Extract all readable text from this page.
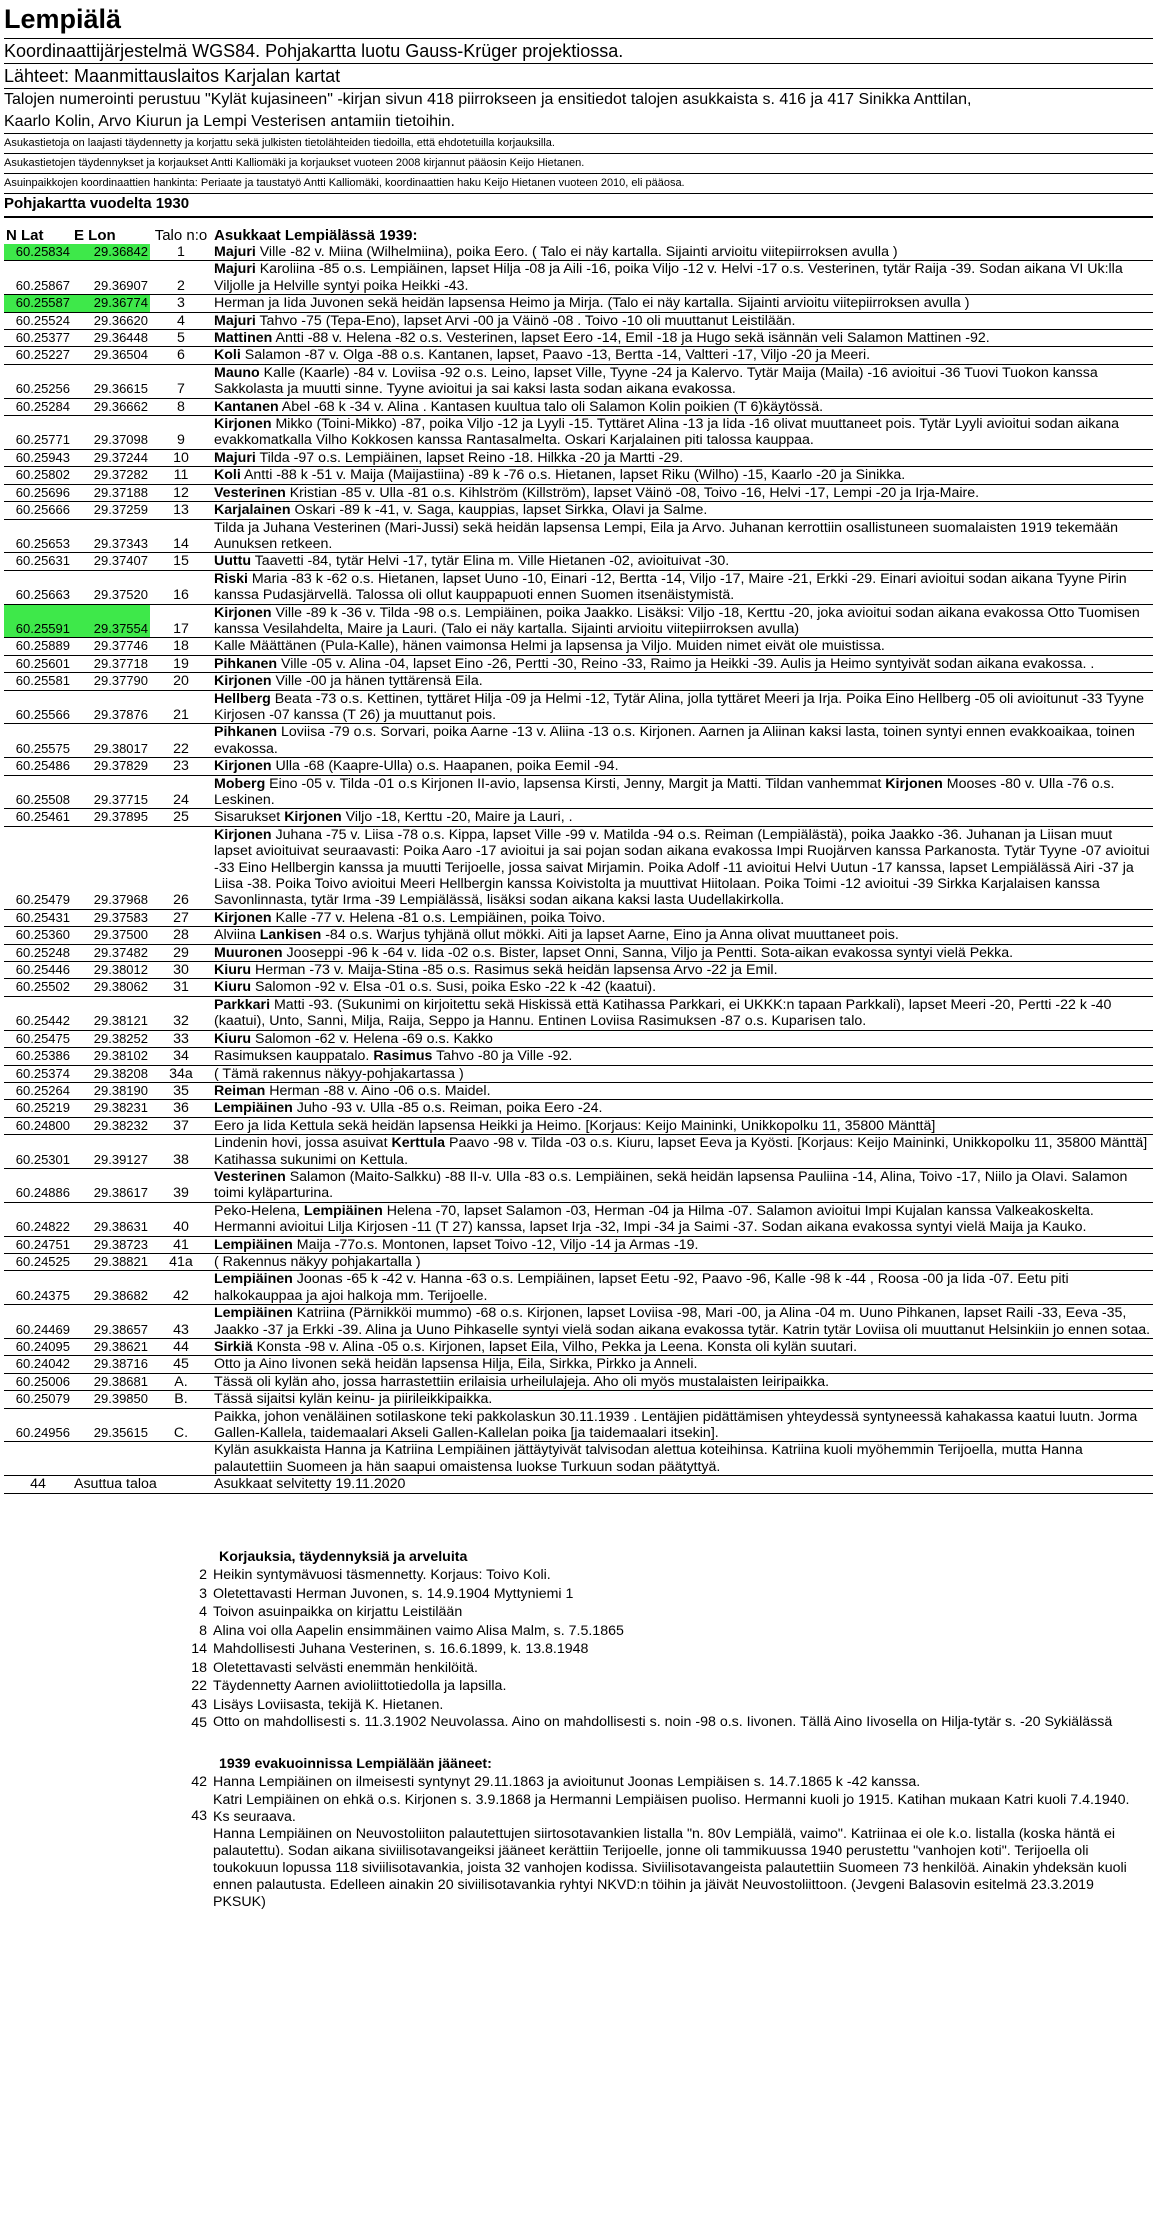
Lempiälä
Koordinaattijärjestelmä WGS84. Pohjakartta luotu Gauss-Krüger projektiossa.
Lähteet: Maanmittauslaitos Karjalan kartat
Talojen numerointi perustuu "Kylät kujasineen" -kirjan sivun 418 piirrokseen ja ensitiedot talojen asukkaista s. 416 ja 417 Sinikka Anttilan,
Kaarlo Kolin, Arvo Kiurun ja Lempi Vesterisen antamiin tietoihin.
Asukastietoja on laajasti täydennetty ja korjattu sekä julkisten tietolähteiden tiedoilla, että ehdotetuilla korjauksilla.
Asukastietojen täydennykset ja korjaukset Antti Kalliomäki ja korjaukset vuoteen 2008 kirjannut pääosin Keijo Hietanen.
Asuinpaikkojen koordinaattien hankinta: Periaate ja taustatyö Antti Kalliomäki, koordinaattien haku Keijo Hietanen vuoteen 2010, eli pääosa.
Pohjakartta vuodelta 1930
N Lat	E Lon	Talo n:o	Asukkaat Lempiälässä 1939:
60.25834	29.36842	1	Majuri Ville -82 v. Miina (Wilhelmiina), poika Eero. ( Talo ei näy kartalla. Sijainti arvioitu viitepiirroksen avulla )
60.25867	29.36907	2	Majuri Karoliina -85 o.s. Lempiäinen, lapset Hilja -08 ja Aili -16, poika Viljo -12 v. Helvi -17 o.s. Vesterinen, tytär Raija -39. Sodan aikana VI Uk:lla Viljolle ja Helville syntyi poika Heikki -43.
60.25587	29.36774	3	Herman ja Iida Juvonen sekä heidän lapsensa Heimo ja Mirja. (Talo ei näy kartalla. Sijainti arvioitu viitepiirroksen avulla )
60.25524	29.36620	4	Majuri Tahvo -75 (Tepa-Eno), lapset Arvi -00 ja Väinö -08 . Toivo -10 oli muuttanut Leistilään.
60.25377	29.36448	5	Mattinen Antti -88 v. Helena -82 o.s. Vesterinen, lapset Eero -14, Emil -18 ja Hugo sekä isännän veli Salamon Mattinen -92.
60.25227	29.36504	6	Koli Salamon -87 v. Olga -88 o.s. Kantanen, lapset, Paavo -13, Bertta -14, Valtteri -17, Viljo -20 ja Meeri.
60.25256	29.36615	7	Mauno Kalle (Kaarle) -84 v. Loviisa -92 o.s. Leino, lapset Ville, Tyyne -24 ja Kalervo. Tytär Maija (Maila) -16 avioitui -36 Tuovi Tuokon kanssa Sakkolasta ja muutti sinne. Tyyne avioitui ja sai kaksi lasta sodan aikana evakossa.
60.25284	29.36662	8	Kantanen Abel -68 k -34 v. Alina . Kantasen kuultua talo oli Salamon Kolin poikien (T 6)käytössä.
60.25771	29.37098	9	Kirjonen Mikko (Toini-Mikko) -87, poika Viljo -12 ja Lyyli -15. Tyttäret Alina -13 ja Iida -16 olivat muuttaneet pois. Tytär Lyyli avioitui sodan aikana evakkomatkalla Vilho Kokkosen kanssa Rantasalmelta. Oskari Karjalainen piti talossa kauppaa.
60.25943	29.37244	10	Majuri Tilda -97 o.s. Lempiäinen, lapset Reino -18. Hilkka -20 ja Martti -29.
60.25802	29.37282	11	Koli Antti -88 k -51 v. Maija (Maijastiina) -89 k -76 o.s. Hietanen, lapset Riku (Wilho) -15, Kaarlo -20 ja Sinikka.
60.25696	29.37188	12	Vesterinen Kristian -85 v. Ulla -81 o.s. Kihlström (Killström), lapset Väinö -08, Toivo -16, Helvi -17, Lempi -20 ja Irja-Maire.
60.25666	29.37259	13	Karjalainen Oskari -89 k -41, v. Saga, kauppias, lapset Sirkka, Olavi ja Salme.
60.25653	29.37343	14	Tilda ja Juhana Vesterinen (Mari-Jussi) sekä heidän lapsensa Lempi, Eila ja Arvo. Juhanan kerrottiin osallistuneen suomalaisten 1919 tekemään Aunuksen retkeen.
60.25631	29.37407	15	Uuttu Taavetti -84, tytär Helvi -17, tytär Elina m. Ville Hietanen -02, avioituivat -30.
60.25663	29.37520	16	Riski Maria -83 k -62 o.s. Hietanen, lapset Uuno -10, Einari -12, Bertta -14, Viljo -17, Maire -21, Erkki -29. Einari avioitui sodan aikana Tyyne Pirin kanssa Pudasjärvellä. Talossa oli ollut kauppapuoti ennen Suomen itsenäistymistä.
60.25591	29.37554	17	Kirjonen Ville -89 k -36 v. Tilda -98 o.s. Lempiäinen, poika Jaakko. Lisäksi: Viljo -18, Kerttu -20, joka avioitui sodan aikana evakossa Otto Tuomisen kanssa Vesilahdelta, Maire ja Lauri. (Talo ei näy kartalla. Sijainti arvioitu viitepiirroksen avulla)
60.25889	29.37746	18	Kalle Määttänen (Pula-Kalle), hänen vaimonsa Helmi ja lapsensa ja Viljo. Muiden nimet eivät ole muistissa.
60.25601	29.37718	19	Pihkanen Ville -05 v. Alina -04, lapset Eino -26, Pertti -30, Reino -33, Raimo ja Heikki -39. Aulis ja Heimo syntyivät sodan aikana evakossa. .
60.25581	29.37790	20	Kirjonen Ville -00 ja hänen tyttärensä Eila.
60.25566	29.37876	21	Hellberg Beata -73 o.s. Kettinen, tyttäret Hilja -09 ja Helmi -12, Tytär Alina, jolla tyttäret Meeri ja Irja. Poika Eino Hellberg -05 oli avioitunut -33 Tyyne Kirjosen -07 kanssa (T 26) ja muuttanut pois.
60.25575	29.38017	22	Pihkanen Loviisa -79 o.s. Sorvari, poika Aarne -13 v. Aliina -13 o.s. Kirjonen. Aarnen ja Aliinan kaksi lasta, toinen syntyi ennen evakkoaikaa, toinen evakossa.
60.25486	29.37829	23	Kirjonen Ulla -68 (Kaapre-Ulla) o.s. Haapanen, poika Eemil -94.
60.25508	29.37715	24	Moberg Eino -05 v. Tilda -01 o.s Kirjonen II-avio, lapsensa Kirsti, Jenny, Margit ja Matti. Tildan vanhemmat Kirjonen Mooses -80 v. Ulla -76 o.s. Leskinen.
60.25461	29.37895	25	Sisarukset Kirjonen Viljo -18, Kerttu -20, Maire ja Lauri, .
60.25479	29.37968	26	Kirjonen Juhana -75 v. Liisa -78 o.s. Kippa, lapset Ville -99 v. Matilda -94 o.s. Reiman (Lempiälästä), poika Jaakko -36. Juhanan ja Liisan muut lapset avioituivat seuraavasti: Poika Aaro -17 avioitui ja sai pojan sodan aikana evakossa Impi Ruojärven kanssa Parkanosta. Tytär Tyyne -07 avioitui -33 Eino Hellbergin kanssa ja muutti Terijoelle, jossa saivat Mirjamin. Poika Adolf -11 avioitui Helvi Uutun -17 kanssa, lapset Lempiälässä Airi -37 ja Liisa -38. Poika Toivo avioitui Meeri Hellbergin kanssa Koivistolta ja muuttivat Hiitolaan. Poika Toimi -12 avioitui -39 Sirkka Karjalaisen kanssa Savonlinnasta, tytär Irma -39 Lempiälässä, lisäksi sodan aikana kaksi lasta Uudellakirkolla.
60.25431	29.37583	27	Kirjonen Kalle -77 v. Helena -81 o.s. Lempiäinen, poika Toivo.
60.25360	29.37500	28	Alviina Lankisen -84 o.s. Warjus tyhjänä ollut mökki. Aiti ja lapset Aarne, Eino ja Anna olivat muuttaneet pois.
60.25248	29.37482	29	Muuronen Jooseppi -96 k -64 v. Iida -02 o.s. Bister, lapset Onni, Sanna, Viljo ja Pentti. Sota-aikan evakossa syntyi vielä Pekka.
60.25446	29.38012	30	Kiuru Herman -73 v. Maija-Stina -85 o.s. Rasimus sekä heidän lapsensa Arvo -22 ja Emil.
60.25502	29.38062	31	Kiuru Salomon -92 v. Elsa -01 o.s. Susi, poika Esko -22 k -42 (kaatui).
60.25442	29.38121	32	Parkkari Matti -93. (Sukunimi on kirjoitettu sekä Hiskissä että Katihassa Parkkari, ei UKKK:n tapaan Parkkali), lapset Meeri -20, Pertti -22 k -40 (kaatui), Unto, Sanni, Milja, Raija, Seppo ja Hannu. Entinen Loviisa Rasimuksen -87 o.s. Kuparisen talo.
60.25475	29.38252	33	Kiuru Salomon -62 v. Helena -69 o.s. Kakko
60.25386	29.38102	34	Rasimuksen kauppatalo. Rasimus Tahvo -80 ja Ville -92.
60.25374	29.38208	34a	( Tämä rakennus näkyy-pohjakartassa )
60.25264	29.38190	35	Reiman Herman -88 v. Aino -06 o.s. Maidel.
60.25219	29.38231	36	Lempiäinen Juho -93 v. Ulla -85 o.s. Reiman, poika Eero -24.
60.24800	29.38232	37	Eero ja Iida Kettula sekä heidän lapsensa Heikki ja Heimo. [Korjaus: Keijo Maininki, Unikkopolku 11, 35800 Mänttä]
60.25301	29.39127	38	Lindenin hovi, jossa asuivat Kerttula Paavo -98 v. Tilda -03 o.s. Kiuru, lapset Eeva ja Kyösti. [Korjaus: Keijo Maininki, Unikkopolku 11, 35800 Mänttä] Katihassa sukunimi on Kettula.
60.24886	29.38617	39	Vesterinen Salamon (Maito-Salkku) -88 II-v. Ulla -83 o.s. Lempiäinen, sekä heidän lapsensa Pauliina -14, Alina, Toivo -17, Niilo ja Olavi. Salamon toimi kyläparturina.
60.24822	29.38631	40	Peko-Helena, Lempiäinen Helena -70, lapset Salamon -03, Herman -04 ja Hilma -07. Salamon avioitui Impi Kujalan kanssa Valkeakoskelta. Hermanni avioitui Lilja Kirjosen -11 (T 27) kanssa, lapset Irja -32, Impi -34 ja Saimi -37. Sodan aikana evakossa syntyi vielä Maija ja Kauko.
60.24751	29.38723	41	Lempiäinen Maija -77o.s. Montonen, lapset Toivo -12, Viljo -14 ja Armas -19.
60.24525	29.38821	41a	( Rakennus näkyy pohjakartalla )
60.24375	29.38682	42	Lempiäinen Joonas -65 k -42 v. Hanna -63 o.s. Lempiäinen, lapset Eetu -92, Paavo -96, Kalle -98 k -44 , Roosa -00 ja Iida -07. Eetu piti halkokauppaa ja ajoi halkoja mm. Terijoelle.
60.24469	29.38657	43	Lempiäinen Katriina (Pärnikköi mummo) -68 o.s. Kirjonen, lapset Loviisa -98, Mari -00, ja Alina -04 m. Uuno Pihkanen, lapset Raili -33, Eeva -35, Jaakko -37 ja Erkki -39. Alina ja Uuno Pihkaselle syntyi vielä sodan aikana evakossa tytär. Katrin tytär Loviisa oli muuttanut Helsinkiin jo ennen sotaa.
60.24095	29.38621	44	Sirkiä Konsta -98 v. Alina -05 o.s. Kirjonen, lapset Eila, Vilho, Pekka ja Leena. Konsta oli kylän suutari.
60.24042	29.38716	45	Otto ja Aino Iivonen sekä heidän lapsensa Hilja, Eila, Sirkka, Pirkko ja Anneli.
60.25006	29.38681	A.	Tässä oli kylän aho, jossa harrastettiin erilaisia urheilulajeja. Aho oli myös mustalaisten leiripaikka.
60.25079	29.39850	B.	Tässä sijaitsi kylän keinu- ja piirileikkipaikka.
60.24956	29.35615	C.	Paikka, johon venäläinen sotilaskone teki pakkolaskun 30.11.1939 . Lentäjien pidättämisen yhteydessä syntyneessä kahakassa kaatui luutn. Jorma Gallen-Kallela, taidemaalari Akseli Gallen-Kallelan poika [ja taidemaalari itsekin].
			Kylän asukkaista Hanna ja Katriina Lempiäinen jättäytyivät talvisodan alettua koteihinsa. Katriina kuoli myöhemmin Terijoella, mutta Hanna palautettiin Suomeen ja hän saapui omaistensa luokse Turkuun sodan päätyttyä.
44	Asuttua taloa		Asukkaat selvitetty 19.11.2020
Korjauksia, täydennyksiä ja arveluita
2 Heikin syntymävuosi täsmennetty. Korjaus: Toivo Koli.
3 Oletettavasti Herman Juvonen, s. 14.9.1904 Myttyniemi 1
4 Toivon asuinpaikka on kirjattu Leistilään
8 Alina voi olla Aapelin ensimmäinen vaimo Alisa Malm, s. 7.5.1865
14 Mahdollisesti Juhana Vesterinen, s. 16.6.1899, k. 13.8.1948
18 Oletettavasti selvästi enemmän henkilöitä.
22 Täydennetty Aarnen avioliittotiedolla ja lapsilla.
43 Lisäys Loviisasta, tekijä K. Hietanen.
45 Otto on mahdollisesti s. 11.3.1902 Neuvolassa. Aino on mahdollisesti s. noin -98 o.s. Iivonen. Tällä Aino Iivosella on Hilja-tytär s. -20 Sykiälässä
1939 evakuoinnissa Lempiälään jääneet:
42 Hanna Lempiäinen on ilmeisesti syntynyt 29.11.1863 ja avioitunut Joonas Lempiäisen s. 14.7.1865 k -42 kanssa.
43
Katri Lempiäinen on ehkä o.s. Kirjonen s. 3.9.1868 ja Hermanni Lempiäisen puoliso. Hermanni kuoli jo 1915. Katihan mukaan Katri kuoli 7.4.1940. Ks seuraava.
Hanna Lempiäinen on Neuvostoliiton palautettujen siirtosotavankien listalla "n. 80v Lempiälä, vaimo". Katriinaa ei ole k.o. listalla (koska häntä ei palautettu). Sodan aikana siviilisotavangeiksi jääneet kerättiin Terijoelle, jonne oli tammikuussa 1940 perustettu "vanhojen koti". Terijoella oli toukokuun lopussa 118 siviilisotavankia, joista 32 vanhojen kodissa. Siviilisotavangeista palautettiin Suomeen 73 henkilöä. Ainakin yhdeksän kuoli ennen palautusta. Edelleen ainakin 20 siviilisotavankia ryhtyi NKVD:n töihin ja jäivät Neuvostoliittoon. (Jevgeni Balasovin esitelmä 23.3.2019 PKSUK)
